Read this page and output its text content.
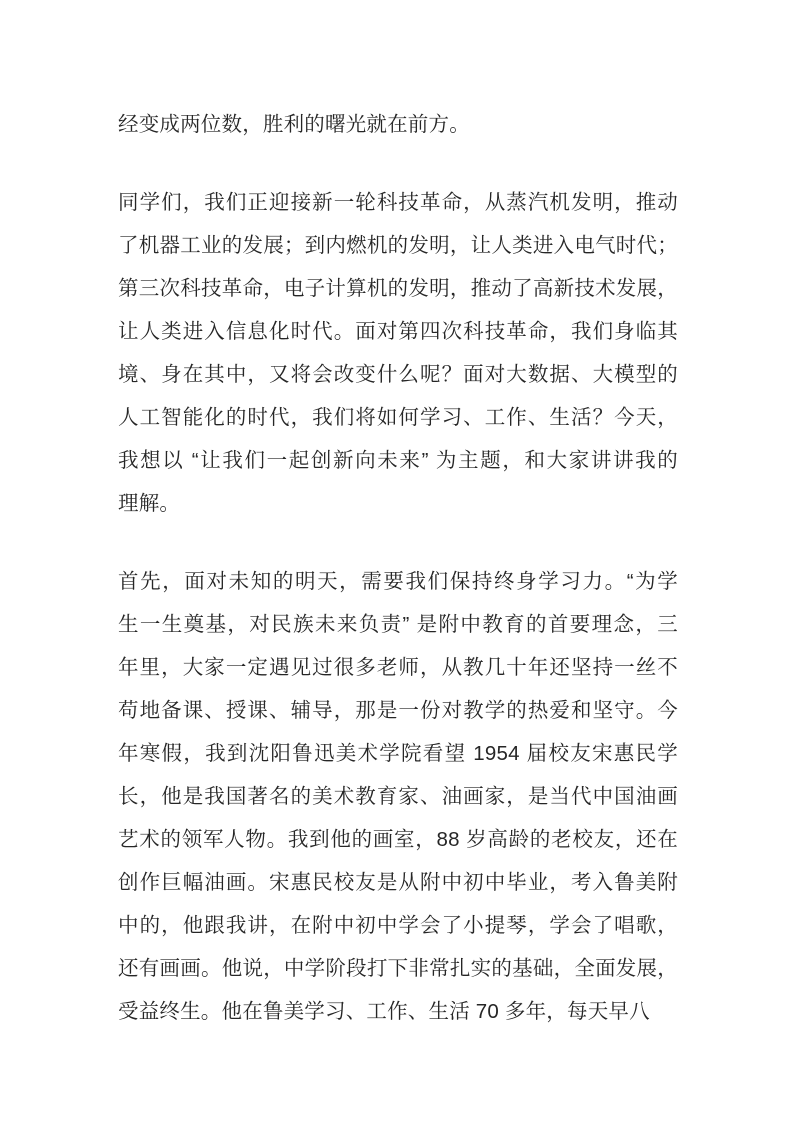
经变成两位数，胜利的曙光就在前方。
同学们，我们正迎接新一轮科技革命，从蒸汽机发明，推动
了机器工业的发展；到内燃机的发明，让人类进入电气时代；
第三次科技革命，电子计算机的发明，推动了高新技术发展，
让人类进入信息化时代。面对第四次科技革命，我们身临其
境、身在其中，又将会改变什么呢？面对大数据、大模型的
人工智能化的时代，我们将如何学习、工作、生活？今天，
我想以 “让我们一起创新向未来” 为主题，和大家讲讲我的
理解。
首先，面对未知的明天，需要我们保持终身学习力。“为学
生一生奠基，对民族未来负责” 是附中教育的首要理念，三
年里，大家一定遇见过很多老师，从教几十年还坚持一丝不
苟地备课、授课、辅导，那是一份对教学的热爱和坚守。今
年寒假，我到沈阳鲁迅美术学院看望 1954 届校友宋惠民学
长，他是我国著名的美术教育家、油画家，是当代中国油画
艺术的领军人物。我到他的画室，88 岁高龄的老校友，还在
创作巨幅油画。宋惠民校友是从附中初中毕业，考入鲁美附
中的，他跟我讲，在附中初中学会了小提琴，学会了唱歌，
还有画画。他说，中学阶段打下非常扎实的基础，全面发展，
受益终生。他在鲁美学习、工作、生活 70 多年，每天早八
